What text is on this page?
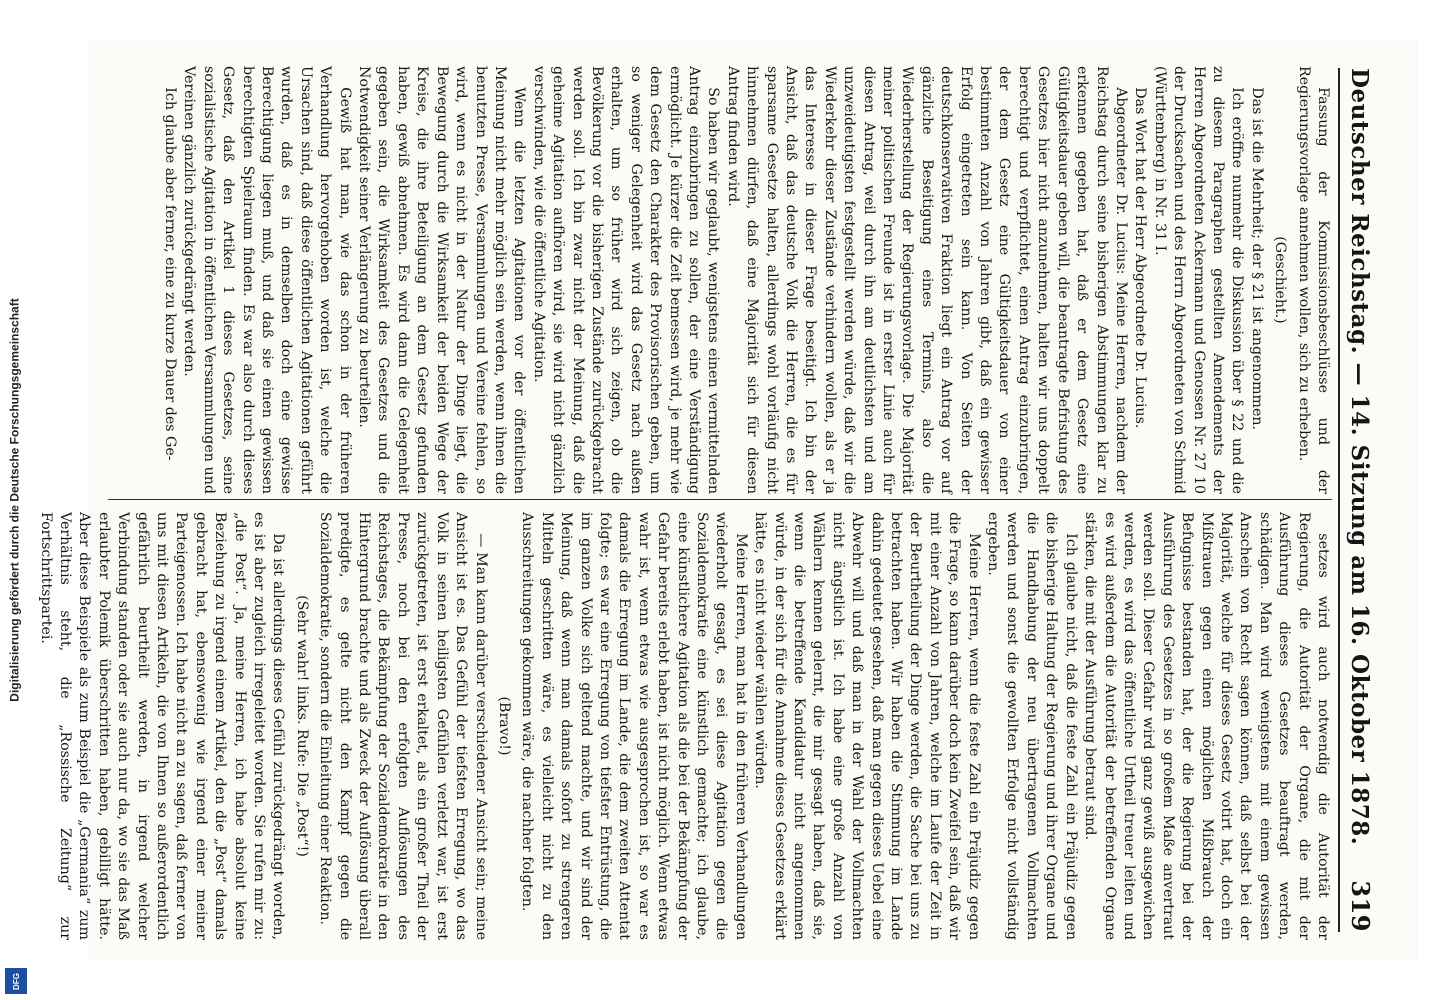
Deutscher Reichstag. — 14. Sitzung am 16. Oktober 1878.
319

Fassung der Kommissionsbeschlüsse und der Regierungsvorlage annehmen wollen, sich zu erheben.

(Geschieht.)

Das ist die Mehrheit; der § 21 ist angenommen.

Ich eröffne nunmehr die Diskussion über § 22 und die zu diesem Paragraphen gestellten Amendements der Herren Abgeordneten Ackermann und Genossen Nr. 27 10 der Drucksachen und des Herrn Abgeordneten von Schmid (Württemberg) in Nr. 31 I.

Das Wort hat der Herr Abgeordnete Dr. Lucius.

Abgeordneter Dr. Lucius: Meine Herren, nachdem der Reichstag durch seine bisherigen Abstimmungen klar zu erkennen gegeben hat, daß er dem Gesetz eine Gültigkeitsdauer geben will, die beantragte Befristung des Gesetzes hier nicht anzunehmen, halten wir uns doppelt berechtigt und verpflichtet, einen Antrag einzubringen, der dem Gesetz eine Gültigkeitsdauer von einer bestimmten Anzahl von Jahren gibt, daß ein gewisser Erfolg eingetreten sein kann. Von Seiten der deutschkonservativen Fraktion liegt ein Antrag vor auf gänzliche Beseitigung eines Termins, also die Wiederherstellung der Regierungsvorlage. Die Majorität meiner politischen Freunde ist in erster Linie auch für diesen Antrag, weil durch ihn am deutlichsten und am unzweideutigsten festgestellt werden würde, daß wir die Wiederkehr dieser Zustände verhindern wollen, als er ja das Interesse in dieser Frage beseitigt. Ich bin der Ansicht, daß das deutsche Volk die Herren, die es für sparsame Gesetze halten, allerdings wohl vorläufig nicht hinnehmen dürfen, daß eine Majorität sich für diesen Antrag finden wird.

So haben wir geglaubt, wenigstens einen vermittelnden Antrag einzubringen zu sollen, der eine Verständigung ermöglicht. Je kürzer die Zeit bemessen wird, je mehr wie dem Gesetz den Charakter des Provisorischen geben, um so weniger Gelegenheit wird das Gesetz nach außen erhalten, um so früher wird sich zeigen, ob die Bevölkerung vor die bisherigen Zustände zurückgebracht werden soll. Ich bin zwar nicht der Meinung, daß die geheime Agitation aufhören wird, sie wird nicht gänzlich verschwinden, wie die öffentliche Agitation.

Wenn die letzten Agitationen vor der öffentlichen Meinung nicht mehr möglich sein werden, wenn ihnen die benutzten Presse, Versammlungen und Vereine fehlen, so wird, wenn es nicht in der Natur der Dinge liegt, die Bewegung durch die Wirksamkeit der beiden Wege der Kreise, die ihre Beteiligung an dem Gesetz gefunden haben, gewiß abnehmen. Es wird dann die Gelegenheit gegeben sein, die Wirksamkeit des Gesetzes und die Notwendigkeit seiner Verlängerung zu beurteilen.

Gewiß hat man, wie das schon in der früheren Verhandlung hervorgehoben worden ist, welche die Ursachen sind, daß diese öffentlichen Agitationen geführt wurden, daß es in demselben doch eine gewisse Berechtigung liegen muß, und daß sie einen gewissen berechtigten Spielraum finden. Es war also durch dieses Gesetz, daß den Artikel 1 dieses Gesetzes, seine sozialistische Agitation in öffentlichen Versammlungen und Vereinen gänzlich zurückgedrängt werden.

Ich glaube aber ferner, eine zu kurze Dauer des Ge-

setzes wird auch notwendig die Autorität der Regierung, die Autorität der Organe, die mit der Ausführung dieses Gesetzes beauftragt werden, schädigen. Man wird wenigstens mit einem gewissen Anschein von Recht sagen können, daß selbst bei der Majorität, welche für dieses Gesetz votirt hat, doch ein Mißtrauen gegen einen möglichen Mißbrauch der Befugnisse bestanden hat, der die Regierung bei der Ausführung des Gesetzes in so großem Maße anvertraut werden soll. Dieser Gefahr wird ganz gewiß ausgewichen werden, es wird das öffentliche Urtheil treuer leiten und es wird außerdem die Autorität der betreffenden Organe stärken, die mit der Ausführung betraut sind.

Ich glaube nicht, daß die feste Zahl ein Präjudiz gegen die bisherige Haltung der Regierung und ihrer Organe und die Handhabung der neu übertragenen Vollmachten werden und sonst die gewollten Erfolge nicht vollständig ergeben.

Meine Herren, wenn die feste Zahl ein Präjudiz gegen die Frage, so kann darüber doch kein Zweifel sein, daß wir mit einer Anzahl von Jahren, welche im Laufe der Zeit in der Beurtheilung der Dinge werden, die Sache bei uns zu betrachten haben. Wir haben die Stimmung im Lande dahin gedeutet gesehen, daß man gegen dieses Uebel eine Abwehr will und daß man in der Wahl der Vollmachten nicht ängstlich ist. Ich habe eine große Anzahl von Wählern kennen gelernt, die mir gesagt haben, daß sie, wenn die betreffende Kandidatur nicht angenommen würde, in der sich für die Annahme dieses Gesetzes erklärt hätte, es nicht wieder wählen würden.

Meine Herren, man hat in den früheren Verhandlungen wiederholt gesagt, es sei diese Agitation gegen die Sozialdemokratie eine künstlich gemachte; ich glaube, eine künstlichere Agitation als die bei der Bekämpfung der Gefahr bereits erlebt haben, ist nicht möglich. Wenn etwas wahr ist, wenn etwas wie ausgesprochen ist, so war es damals die Erregung im Lande, die dem zweiten Attentat folgte; es war eine Erregung von tiefster Entrüstung, die im ganzen Volke sich geltend machte, und wir sind der Meinung, daß wenn man damals sofort zu strengeren Mitteln geschritten wäre, es vielleicht nicht zu den Ausschreitungen gekommen wäre, die nachher folgten.

(Bravo!)

— Man kann darüber verschiedener Ansicht sein; meine Ansicht ist es. Das Gefühl der tiefsten Erregung, wo das Volk in seinen heiligsten Gefühlen verletzt war, ist erst zurückgetreten, ist erst erkaltet, als ein großer Theil der Presse, noch bei den erfolgten Auflösungen des Reichstages, die Bekämpfung der Sozialdemokratie in den Hintergrund brachte und als Zweck der Auflösung überall predigte, es gelte nicht den Kampf gegen die Sozialdemokratie, sondern die Einleitung einer Reaktion.

(Sehr wahr! links. Rufe: Die „Post“!)

Da ist allerdings dieses Gefühl zurückgedrängt worden, es ist aber zugleich irregeleitet worden. Sie rufen mir zu: „die Post“. Ja, meine Herren, ich habe absolut keine Beziehung zu irgend einem Artikel, den die „Post“ damals gebracht hat, ebensowenig wie irgend einer meiner Parteigenossen. Ich habe nicht an zu sagen, daß ferner von uns mit diesen Artikeln, die von Ihnen so außerordentlich gefährlich beurtheilt werden, in irgend welcher Verbindung standen oder sie auch nur da, wo sie das Maß erlaubter Polemik überschritten haben, gebilligt hätte. Aber diese Beispiele als zum Beispiel die „Germania“ zum Verhältnis steht, die „Rossische Zeitung“ zur Fortschrittspartei.

Digitalisierung gefördert durch die Deutsche Forschungsgemeinschaft
DFG
